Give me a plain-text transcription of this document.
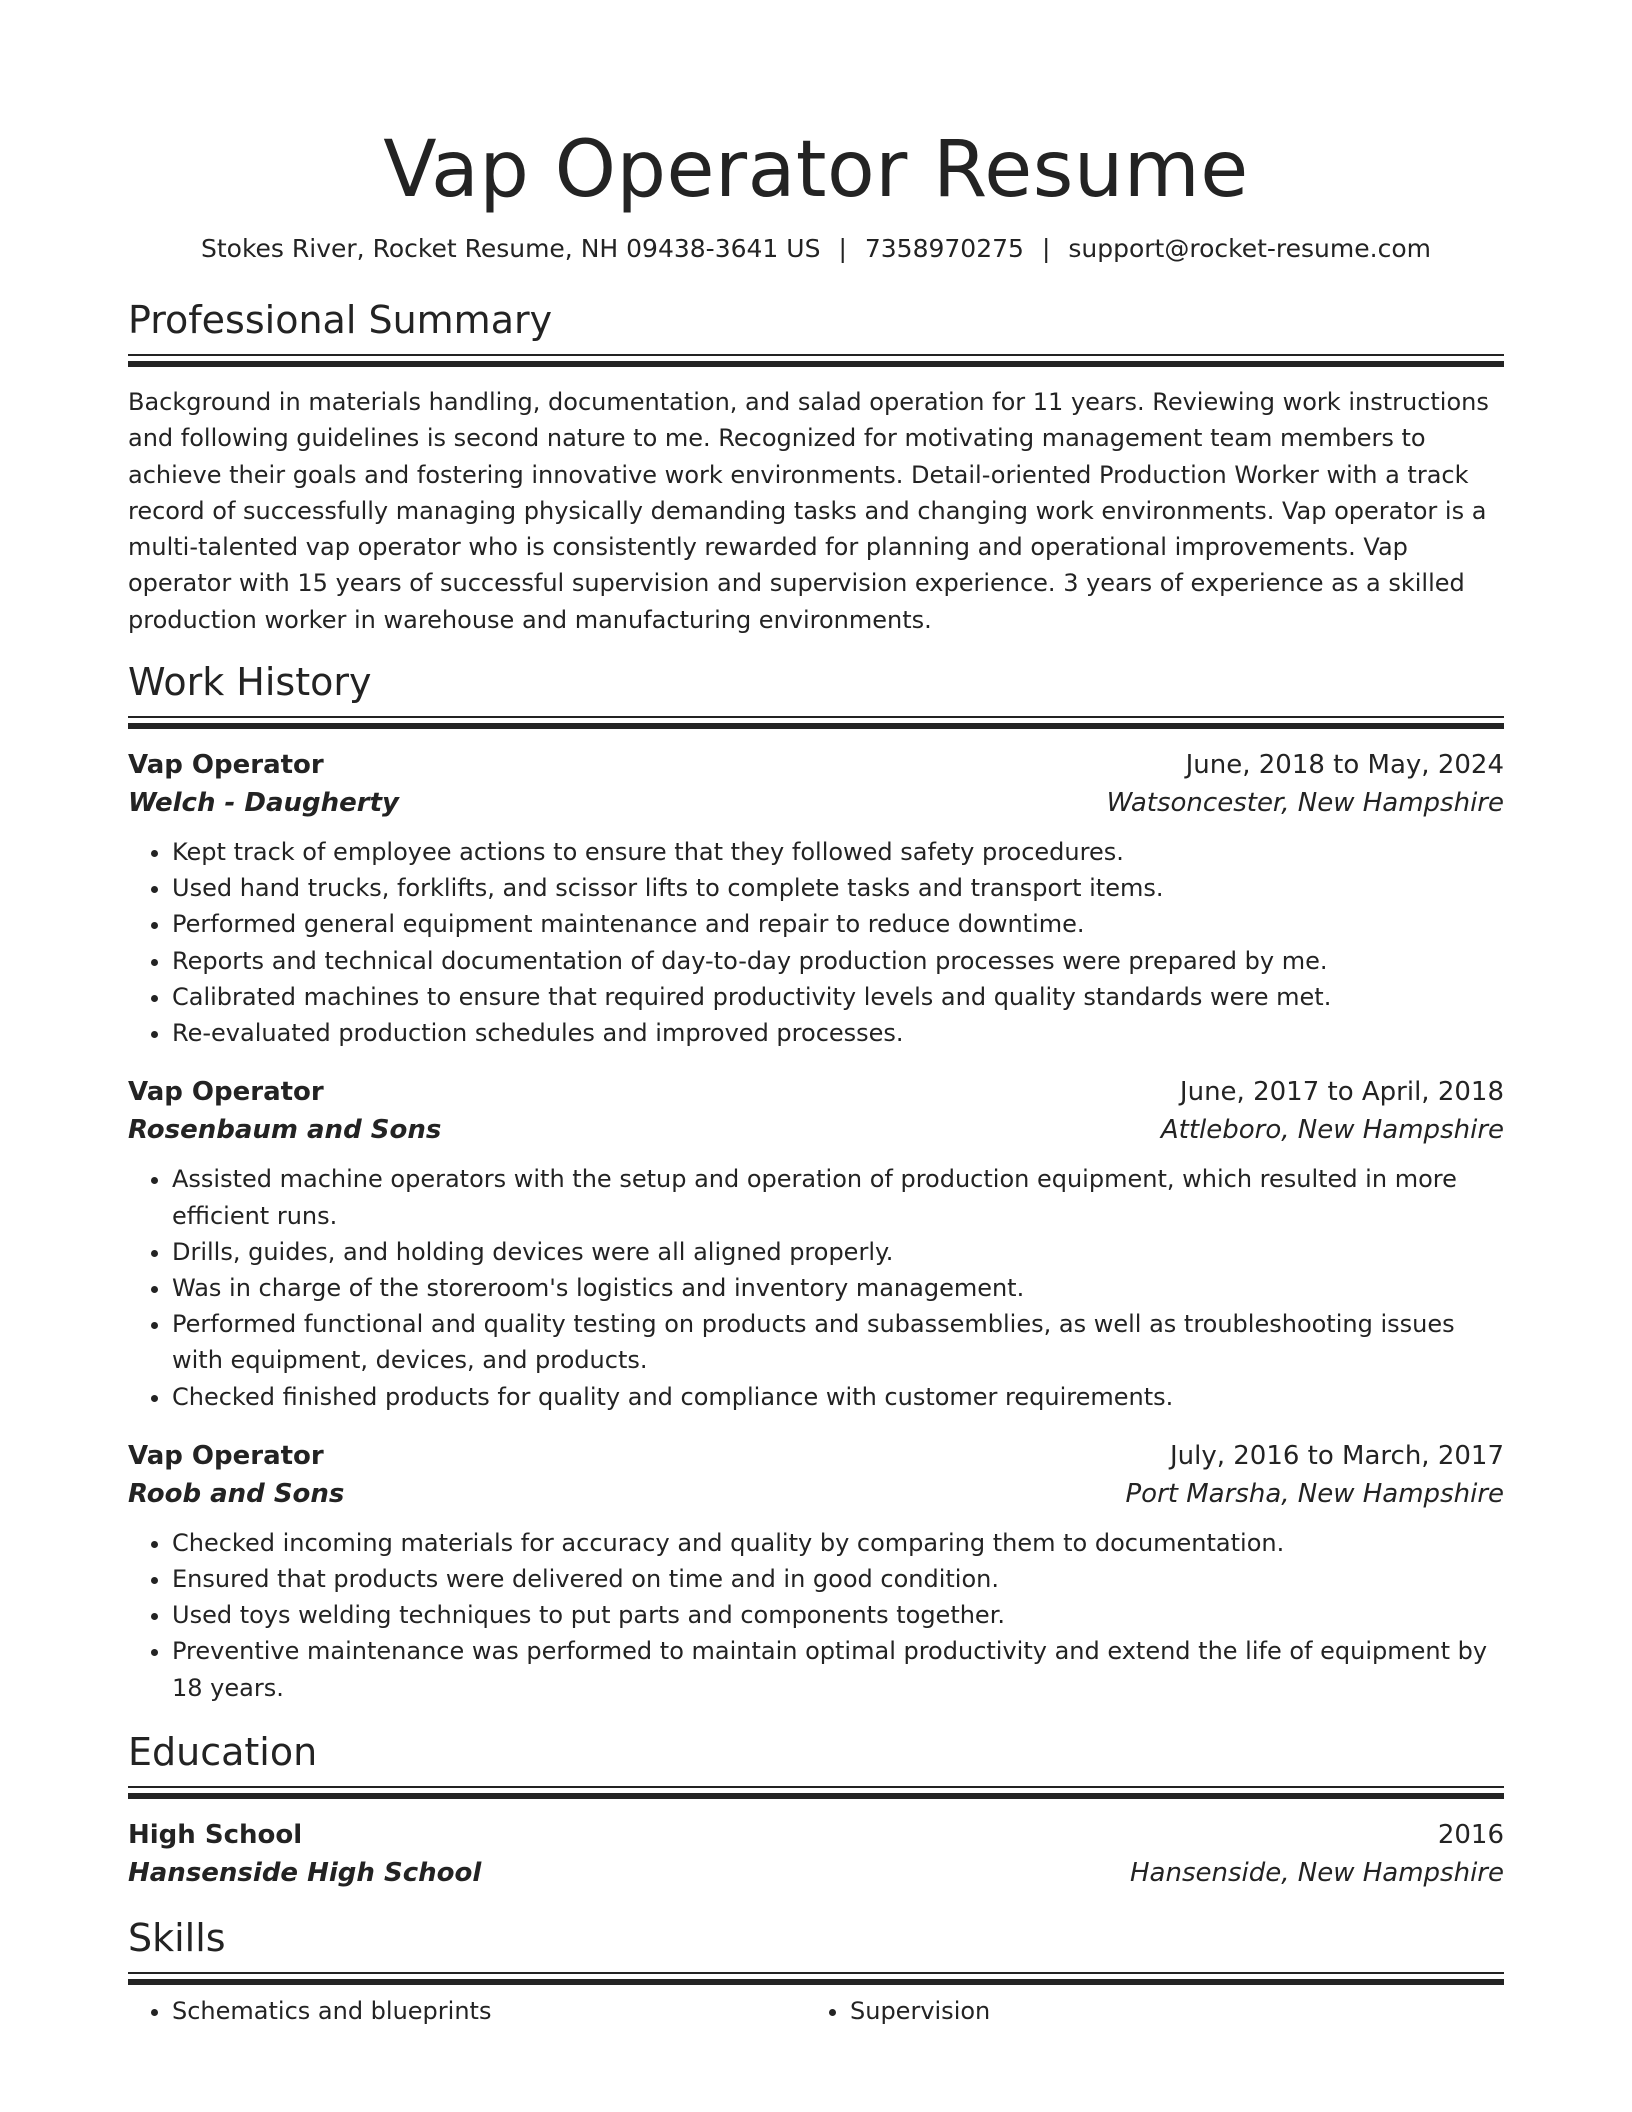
Vap Operator Resume
Stokes River, Rocket Resume, NH 09438-3641 US | 7358970275 | support@rocket-resume.com
Professional Summary
Background in materials handling, documentation, and salad operation for 11 years. Reviewing work instructions and following guidelines is second nature to me. Recognized for motivating management team members to achieve their goals and fostering innovative work environments. Detail-oriented Production Worker with a track record of successfully managing physically demanding tasks and changing work environments. Vap operator is a multi-talented vap operator who is consistently rewarded for planning and operational improvements. Vap operator with 15 years of successful supervision and supervision experience. 3 years of experience as a skilled production worker in warehouse and manufacturing environments.
Work History
Vap Operator	June, 2018 to May, 2024
Welch - Daugherty	Watsoncester, New Hampshire
• Kept track of employee actions to ensure that they followed safety procedures.
• Used hand trucks, forklifts, and scissor lifts to complete tasks and transport items.
• Performed general equipment maintenance and repair to reduce downtime.
• Reports and technical documentation of day-to-day production processes were prepared by me.
• Calibrated machines to ensure that required productivity levels and quality standards were met.
• Re-evaluated production schedules and improved processes.
Vap Operator	June, 2017 to April, 2018
Rosenbaum and Sons	Attleboro, New Hampshire
• Assisted machine operators with the setup and operation of production equipment, which resulted in more efficient runs.
• Drills, guides, and holding devices were all aligned properly.
• Was in charge of the storeroom's logistics and inventory management.
• Performed functional and quality testing on products and subassemblies, as well as troubleshooting issues with equipment, devices, and products.
• Checked finished products for quality and compliance with customer requirements.
Vap Operator	July, 2016 to March, 2017
Roob and Sons	Port Marsha, New Hampshire
• Checked incoming materials for accuracy and quality by comparing them to documentation.
• Ensured that products were delivered on time and in good condition.
• Used toys welding techniques to put parts and components together.
• Preventive maintenance was performed to maintain optimal productivity and extend the life of equipment by 18 years.
Education
High School	2016
Hansenside High School	Hansenside, New Hampshire
Skills
• Schematics and blueprints
•	Supervision
